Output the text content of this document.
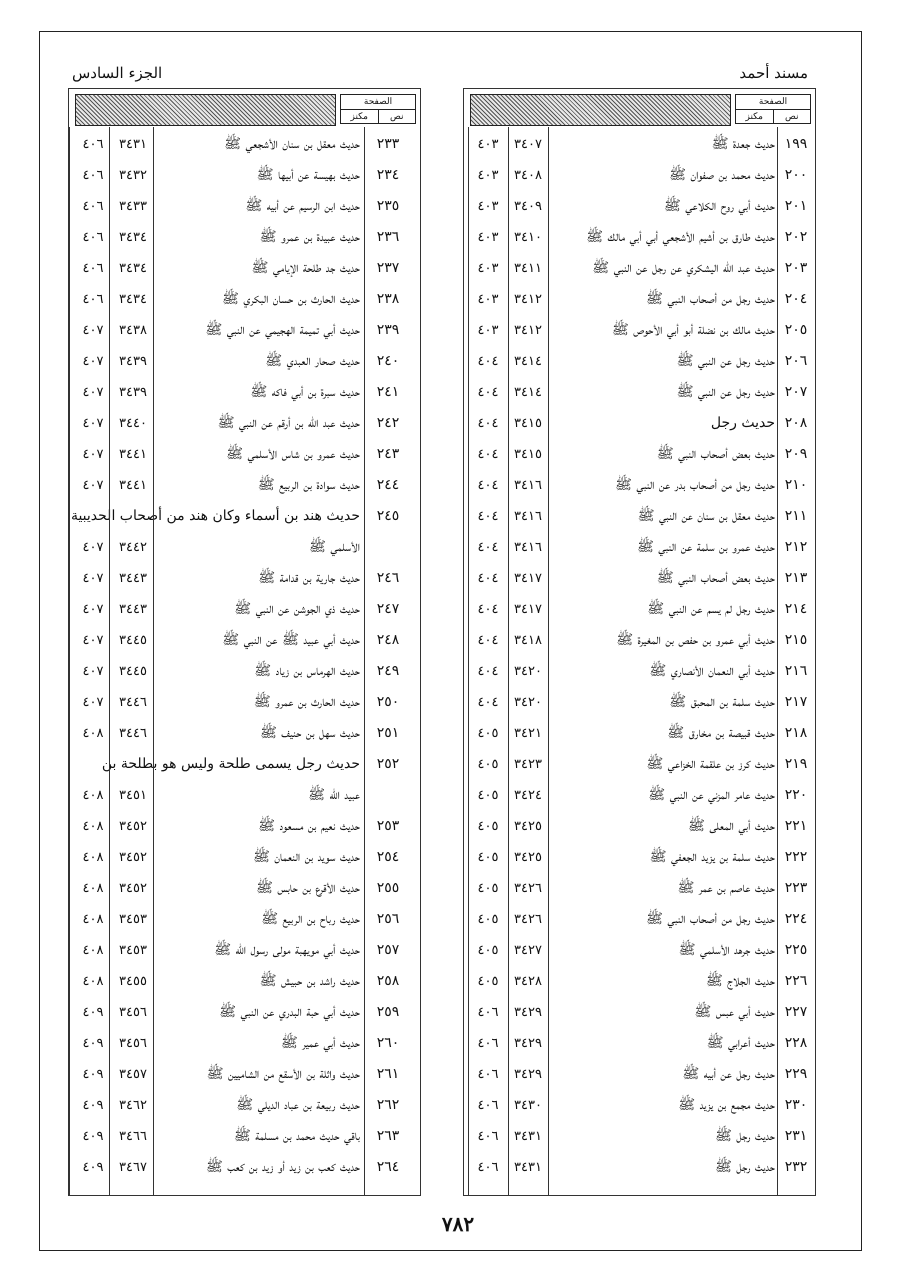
مسند أحمد
الجزء السادس
الصفحة
نص
مكنز
١٩٩
حديث جعدة ﷺ
٣٤٠٧
٤٠٣
٢٠٠
حديث محمد بن صفوان ﷺ
٣٤٠٨
٤٠٣
٢٠١
حديث أبي روح الكلاعي ﷺ
٣٤٠٩
٤٠٣
٢٠٢
حديث طارق بن أشيم الأشجعي أبي أبي مالك ﷺ
٣٤١٠
٤٠٣
٢٠٣
حديث عبد الله اليشكري عن رجل عن النبي ﷺ
٣٤١١
٤٠٣
٢٠٤
حديث رجل من أصحاب النبي ﷺ
٣٤١٢
٤٠٣
٢٠٥
حديث مالك بن نضلة أبو أبي الأحوص ﷺ
٣٤١٢
٤٠٣
٢٠٦
حديث رجل عن النبي ﷺ
٣٤١٤
٤٠٤
٢٠٧
حديث رجل عن النبي ﷺ
٣٤١٤
٤٠٤
٢٠٨
حديث رجل
٣٤١٥
٤٠٤
٢٠٩
حديث بعض أصحاب النبي ﷺ
٣٤١٥
٤٠٤
٢١٠
حديث رجل من أصحاب بدر عن النبي ﷺ
٣٤١٦
٤٠٤
٢١١
حديث معقل بن سنان عن النبي ﷺ
٣٤١٦
٤٠٤
٢١٢
حديث عمرو بن سلمة عن النبي ﷺ
٣٤١٦
٤٠٤
٢١٣
حديث بعض أصحاب النبي ﷺ
٣٤١٧
٤٠٤
٢١٤
حديث رجل لم يسم عن النبي ﷺ
٣٤١٧
٤٠٤
٢١٥
حديث أبي عمرو بن حفص بن المغيرة ﷺ
٣٤١٨
٤٠٤
٢١٦
حديث أبي النعمان الأنصاري ﷺ
٣٤٢٠
٤٠٤
٢١٧
حديث سلمة بن المحبق ﷺ
٣٤٢٠
٤٠٤
٢١٨
حديث قبيصة بن مخارق ﷺ
٣٤٢١
٤٠٥
٢١٩
حديث كرز بن علقمة الخزاعي ﷺ
٣٤٢٣
٤٠٥
٢٢٠
حديث عامر المزني عن النبي ﷺ
٣٤٢٤
٤٠٥
٢٢١
حديث أبي المعلى ﷺ
٣٤٢٥
٤٠٥
٢٢٢
حديث سلمة بن يزيد الجعفي ﷺ
٣٤٢٥
٤٠٥
٢٢٣
حديث عاصم بن عمر ﷺ
٣٤٢٦
٤٠٥
٢٢٤
حديث رجل من أصحاب النبي ﷺ
٣٤٢٦
٤٠٥
٢٢٥
حديث جرهد الأسلمي ﷺ
٣٤٢٧
٤٠٥
٢٢٦
حديث الجلاج ﷺ
٣٤٢٨
٤٠٥
٢٢٧
حديث أبي عبس ﷺ
٣٤٢٩
٤٠٦
٢٢٨
حديث أعرابي ﷺ
٣٤٢٩
٤٠٦
٢٢٩
حديث رجل عن أبيه ﷺ
٣٤٢٩
٤٠٦
٢٣٠
حديث مجمع بن يزيد ﷺ
٣٤٣٠
٤٠٦
٢٣١
حديث رجل ﷺ
٣٤٣١
٤٠٦
٢٣٢
حديث رجل ﷺ
٣٤٣١
٤٠٦
الصفحة
نص
مكنز
٢٣٣
حديث معقل بن سنان الأشجعي ﷺ
٣٤٣١
٤٠٦
٢٣٤
حديث بهيسة عن أبيها ﷺ
٣٤٣٢
٤٠٦
٢٣٥
حديث ابن الرسيم عن أبيه ﷺ
٣٤٣٣
٤٠٦
٢٣٦
حديث عبيدة بن عمرو ﷺ
٣٤٣٤
٤٠٦
٢٣٧
حديث جد طلحة الإيامي ﷺ
٣٤٣٤
٤٠٦
٢٣٨
حديث الحارث بن حسان البكري ﷺ
٣٤٣٤
٤٠٦
٢٣٩
حديث أبي تميمة الهجيمي عن النبي ﷺ
٣٤٣٨
٤٠٧
٢٤٠
حديث صحار العبدي ﷺ
٣٤٣٩
٤٠٧
٢٤١
حديث سبرة بن أبي فاكه ﷺ
٣٤٣٩
٤٠٧
٢٤٢
حديث عبد الله بن أرقم عن النبي ﷺ
٣٤٤٠
٤٠٧
٢٤٣
حديث عمرو بن شاس الأسلمي ﷺ
٣٤٤١
٤٠٧
٢٤٤
حديث سوادة بن الربيع ﷺ
٣٤٤١
٤٠٧
٢٤٥
حديث هند بن أسماء وكان هند من أصحاب الحديبية
الأسلمي ﷺ
٣٤٤٢
٤٠٧
٢٤٦
حديث جارية بن قدامة ﷺ
٣٤٤٣
٤٠٧
٢٤٧
حديث ذي الجوشن عن النبي ﷺ
٣٤٤٣
٤٠٧
٢٤٨
حديث أبي عبيد ﷺ عن النبي ﷺ
٣٤٤٥
٤٠٧
٢٤٩
حديث الهرماس بن زياد ﷺ
٣٤٤٥
٤٠٧
٢٥٠
حديث الحارث بن عمرو ﷺ
٣٤٤٦
٤٠٧
٢٥١
حديث سهل بن حنيف ﷺ
٣٤٤٦
٤٠٨
٢٥٢
حديث رجل يسمى طلحة وليس هو بطلحة بن
عبيد الله ﷺ
٣٤٥١
٤٠٨
٢٥٣
حديث نعيم بن مسعود ﷺ
٣٤٥٢
٤٠٨
٢٥٤
حديث سويد بن النعمان ﷺ
٣٤٥٢
٤٠٨
٢٥٥
حديث الأقرع بن حابس ﷺ
٣٤٥٢
٤٠٨
٢٥٦
حديث رباح بن الربيع ﷺ
٣٤٥٣
٤٠٨
٢٥٧
حديث أبي مويهبة مولى رسول الله ﷺ
٣٤٥٣
٤٠٨
٢٥٨
حديث راشد بن حبيش ﷺ
٣٤٥٥
٤٠٨
٢٥٩
حديث أبي حبة البدري عن النبي ﷺ
٣٤٥٦
٤٠٩
٢٦٠
حديث أبي عمير ﷺ
٣٤٥٦
٤٠٩
٢٦١
حديث واثلة بن الأسقع من الشاميين ﷺ
٣٤٥٧
٤٠٩
٢٦٢
حديث ربيعة بن عباد الديلي ﷺ
٣٤٦٢
٤٠٩
٢٦٣
باقي حديث محمد بن مسلمة ﷺ
٣٤٦٦
٤٠٩
٢٦٤
حديث كعب بن زيد أو زيد بن كعب ﷺ
٣٤٦٧
٤٠٩
٧٨٢
